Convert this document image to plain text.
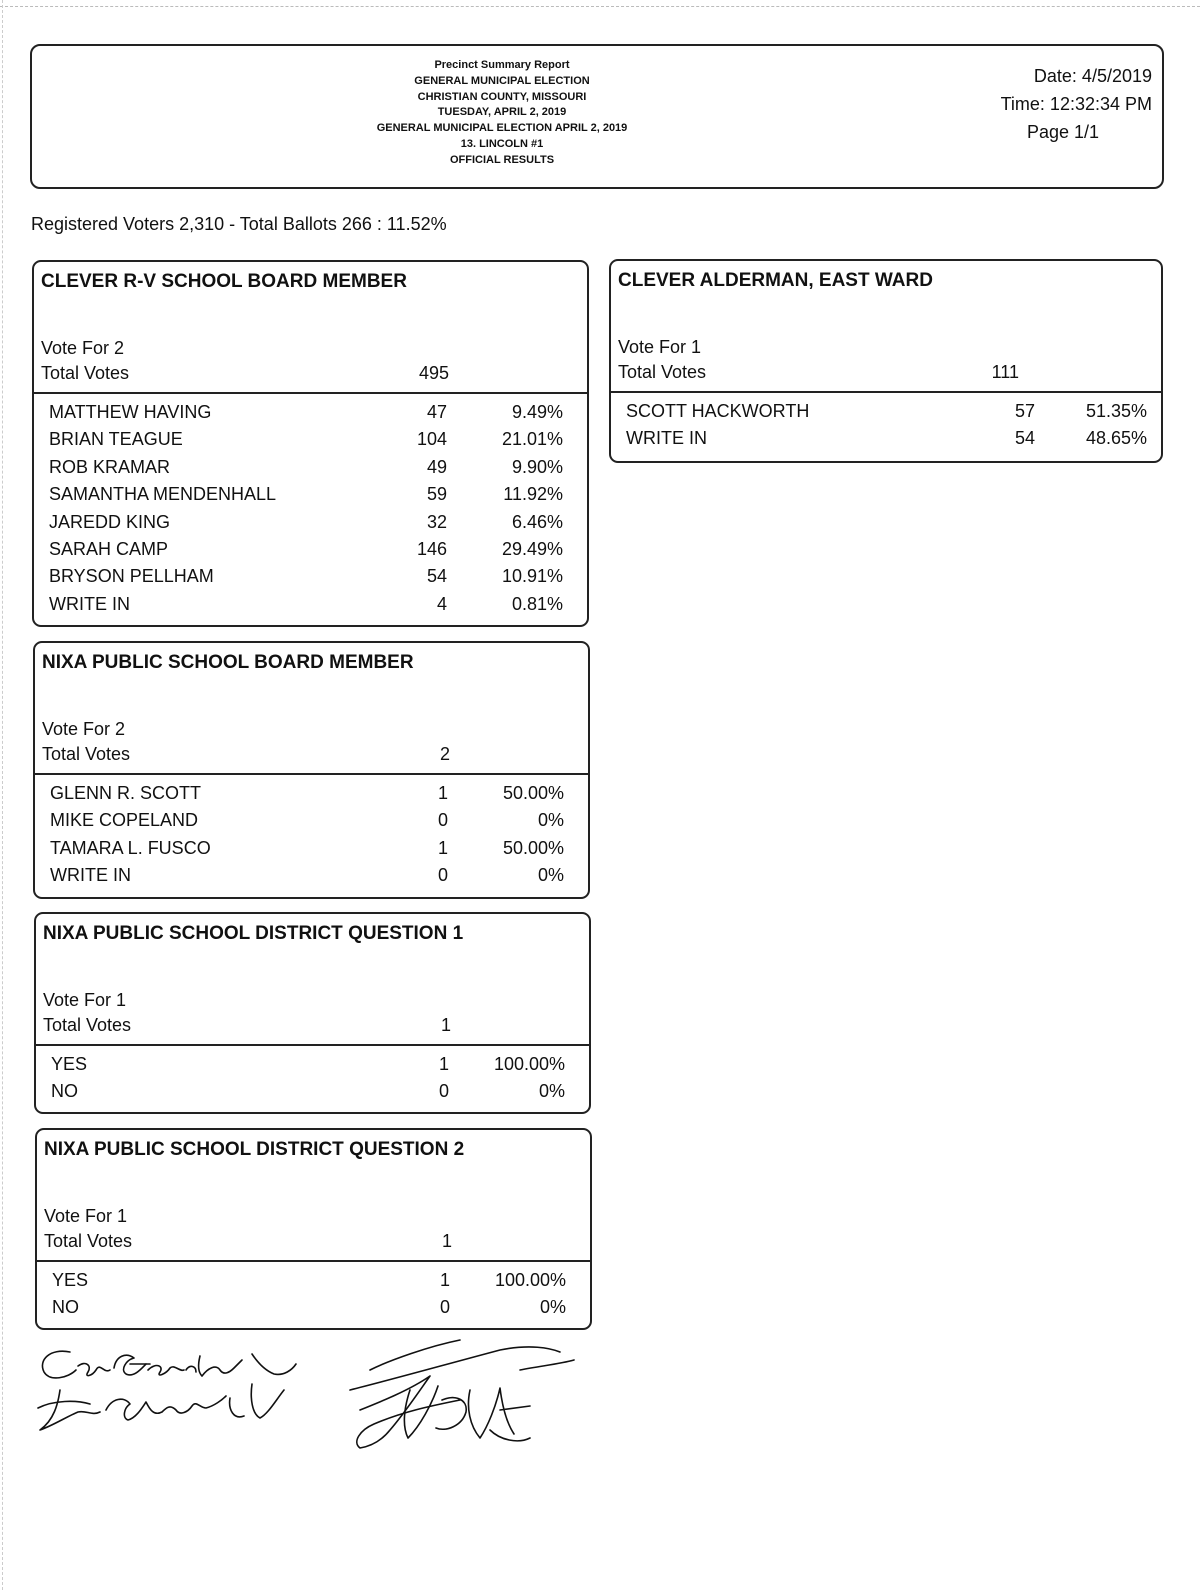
Precinct Summary Report
GENERAL MUNICIPAL ELECTION
CHRISTIAN COUNTY, MISSOURI
TUESDAY, APRIL 2, 2019
GENERAL MUNICIPAL ELECTION APRIL 2, 2019
13. LINCOLN #1
OFFICIAL RESULTS
Date: 4/5/2019
Time: 12:32:34 PM
Page 1/1
Registered Voters 2,310 - Total Ballots 266 : 11.52%
CLEVER R-V SCHOOL BOARD MEMBER
Vote For 2
Total Votes	495
MATTHEW HAVING	47	9.49%
BRIAN TEAGUE	104	21.01%
ROB KRAMAR	49	9.90%
SAMANTHA MENDENHALL	59	11.92%
JAREDD KING	32	6.46%
SARAH CAMP	146	29.49%
BRYSON PELLHAM	54	10.91%
WRITE IN	4	0.81%
NIXA PUBLIC SCHOOL BOARD MEMBER
Vote For 2
Total Votes	2
GLENN R. SCOTT	1	50.00%
MIKE COPELAND	0	0%
TAMARA L. FUSCO	1	50.00%
WRITE IN	0	0%
NIXA PUBLIC SCHOOL DISTRICT QUESTION 1
Vote For 1
Total Votes	1
YES	1	100.00%
NO	0	0%
NIXA PUBLIC SCHOOL DISTRICT QUESTION 2
Vote For 1
Total Votes	1
YES	1	100.00%
NO	0	0%
CLEVER ALDERMAN, EAST WARD
Vote For 1
Total Votes	111
SCOTT HACKWORTH	57	51.35%
WRITE IN	54	48.65%
